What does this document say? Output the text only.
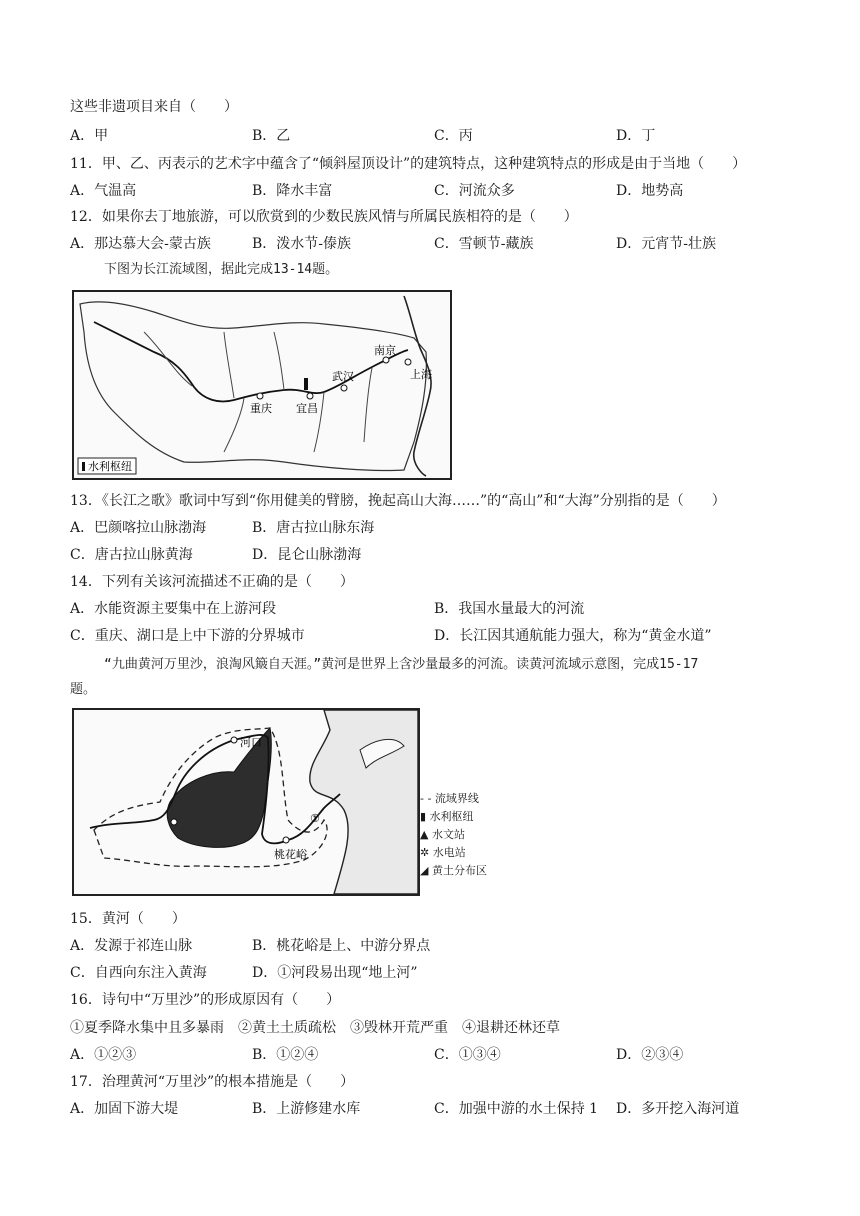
这些非遗项目来自（　　）
A．甲	B．乙	C．丙	D．丁
11．甲、乙、丙表示的艺术字中蕴含了“倾斜屋顶设计”的建筑特点，这种建筑特点的形成是由于当地（　　）
A．气温高	B．降水丰富	C．河流众多	D．地势高
12．如果你去丁地旅游，可以欣赏到的少数民族风情与所属民族相符的是（　　）
A．那达慕大会-蒙古族	B．泼水节-傣族	C．雪顿节-藏族	D．元宵节-壮族
下图为长江流域图，据此完成13-14题。
南京
上海
武汉
宜昌
重庆
水利枢纽
13．《长江之歌》歌词中写到“你用健美的臂膀，挽起高山大海……”的“高山”和“大海”分别指的是（　　）
A．巴颜喀拉山脉渤海	B．唐古拉山脉东海
C．唐古拉山脉黄海	D．昆仑山脉渤海
14．下列有关该河流描述不正确的是（　　）
A．水能资源主要集中在上游河段	B．我国水量最大的河流
C．重庆、湖口是上中下游的分界城市	D．长江因其通航能力强大，称为“黄金水道”
“九曲黄河万里沙，浪淘风簸自天涯。”黄河是世界上含沙量最多的河流。读黄河流域示意图，完成15-17
题。
河口
桃花峪
①
- - 流域界线
▮ 水利枢纽
▲ 水文站
✲ 水电站
◢ 黄土分布区
15．黄河（　　）
A．发源于祁连山脉	B．桃花峪是上、中游分界点
C．自西向东注入黄海	D．①河段易出现“地上河”
16．诗句中“万里沙”的形成原因有（　　）
①夏季降水集中且多暴雨　②黄土土质疏松　③毁林开荒严重　④退耕还林还草
A．①②③	B．①②④	C．①③④	D．②③④
17．治理黄河“万里沙”的根本措施是（　　）
A．加固下游大堤	B．上游修建水库	C．加强中游的水土保持 1 D．多开挖入海河道
